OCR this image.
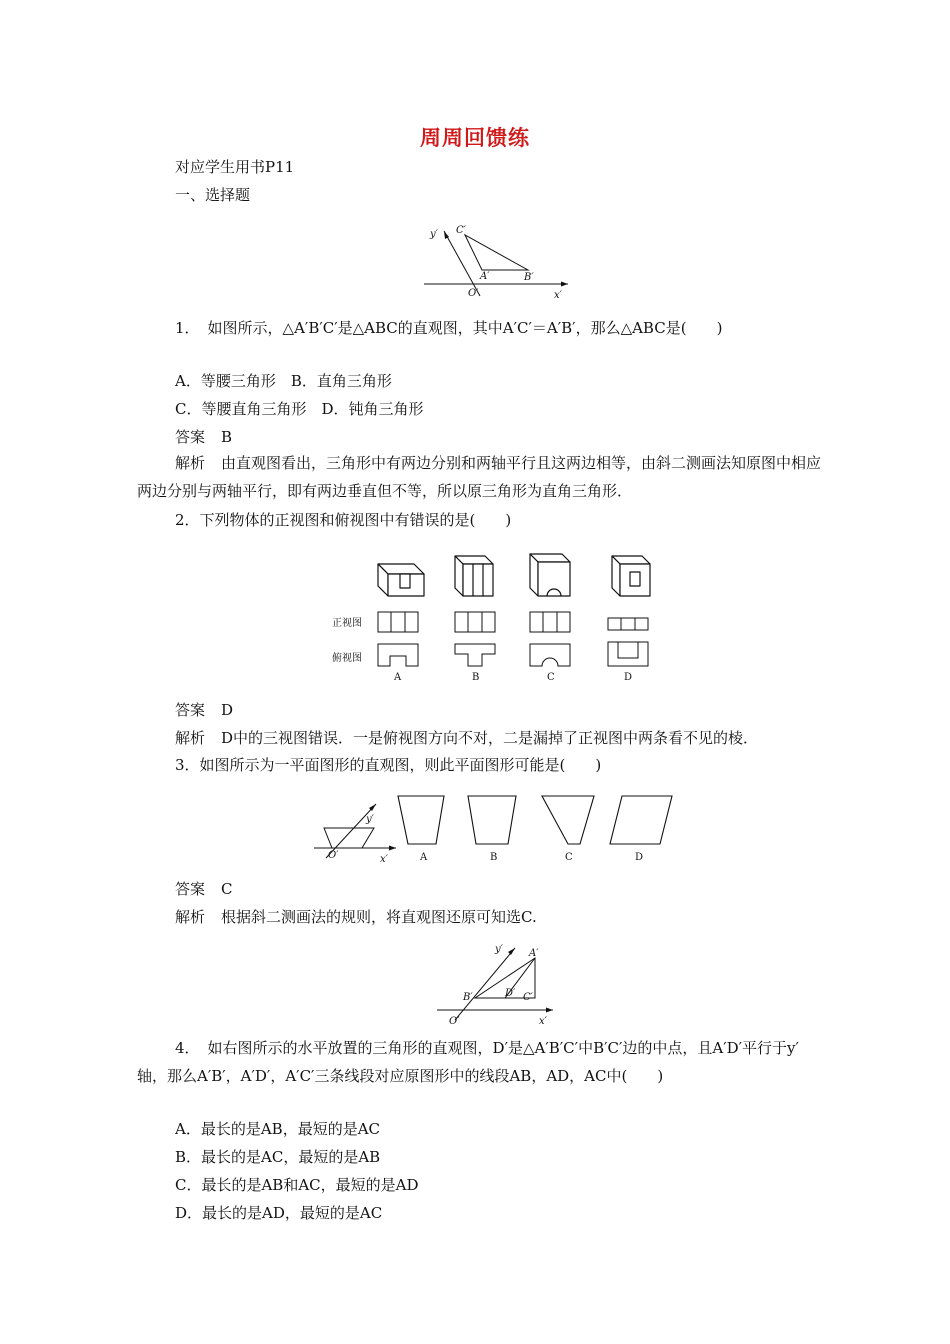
周周回馈练
对应学生用书P11
一、选择题
y′ C′
A′	B′
O′	x′
1． 如图所示，△A′B′C′是△ABC的直观图，其中A′C′＝A′B′，那么△ABC是(　　)
A．等腰三角形　B．直角三角形
C．等腰直角三角形　D．钝角三角形
答案 B
解析 由直观图看出，三角形中有两边分别和两轴平行且这两边相等，由斜二测画法知原图中相应两边分别与两轴平行，即有两边垂直但不等，所以原三角形为直角三角形．
2．下列物体的正视图和俯视图中有错误的是(　　)
正视图
俯视图
A	B	C	D
答案 D
解析 D中的三视图错误．一是俯视图方向不对，二是漏掉了正视图中两条看不见的棱．
3．如图所示为一平面图形的直观图，则此平面图形可能是(　　)
y′
O′	x′	A	B	C	D
答案 C
解析 根据斜二测画法的规则，将直观图还原可知选C.
y′	A′
B′	D′ C′
O′	x′
4． 如右图所示的水平放置的三角形的直观图，D′是△A′B′C′中B′C′边的中点，且A′D′平行于y′轴，那么A′B′，A′D′，A′C′三条线段对应原图形中的线段AB，AD，AC中(　　)
A．最长的是AB，最短的是AC
B．最长的是AC，最短的是AB
C．最长的是AB和AC，最短的是AD
D．最长的是AD，最短的是AC
